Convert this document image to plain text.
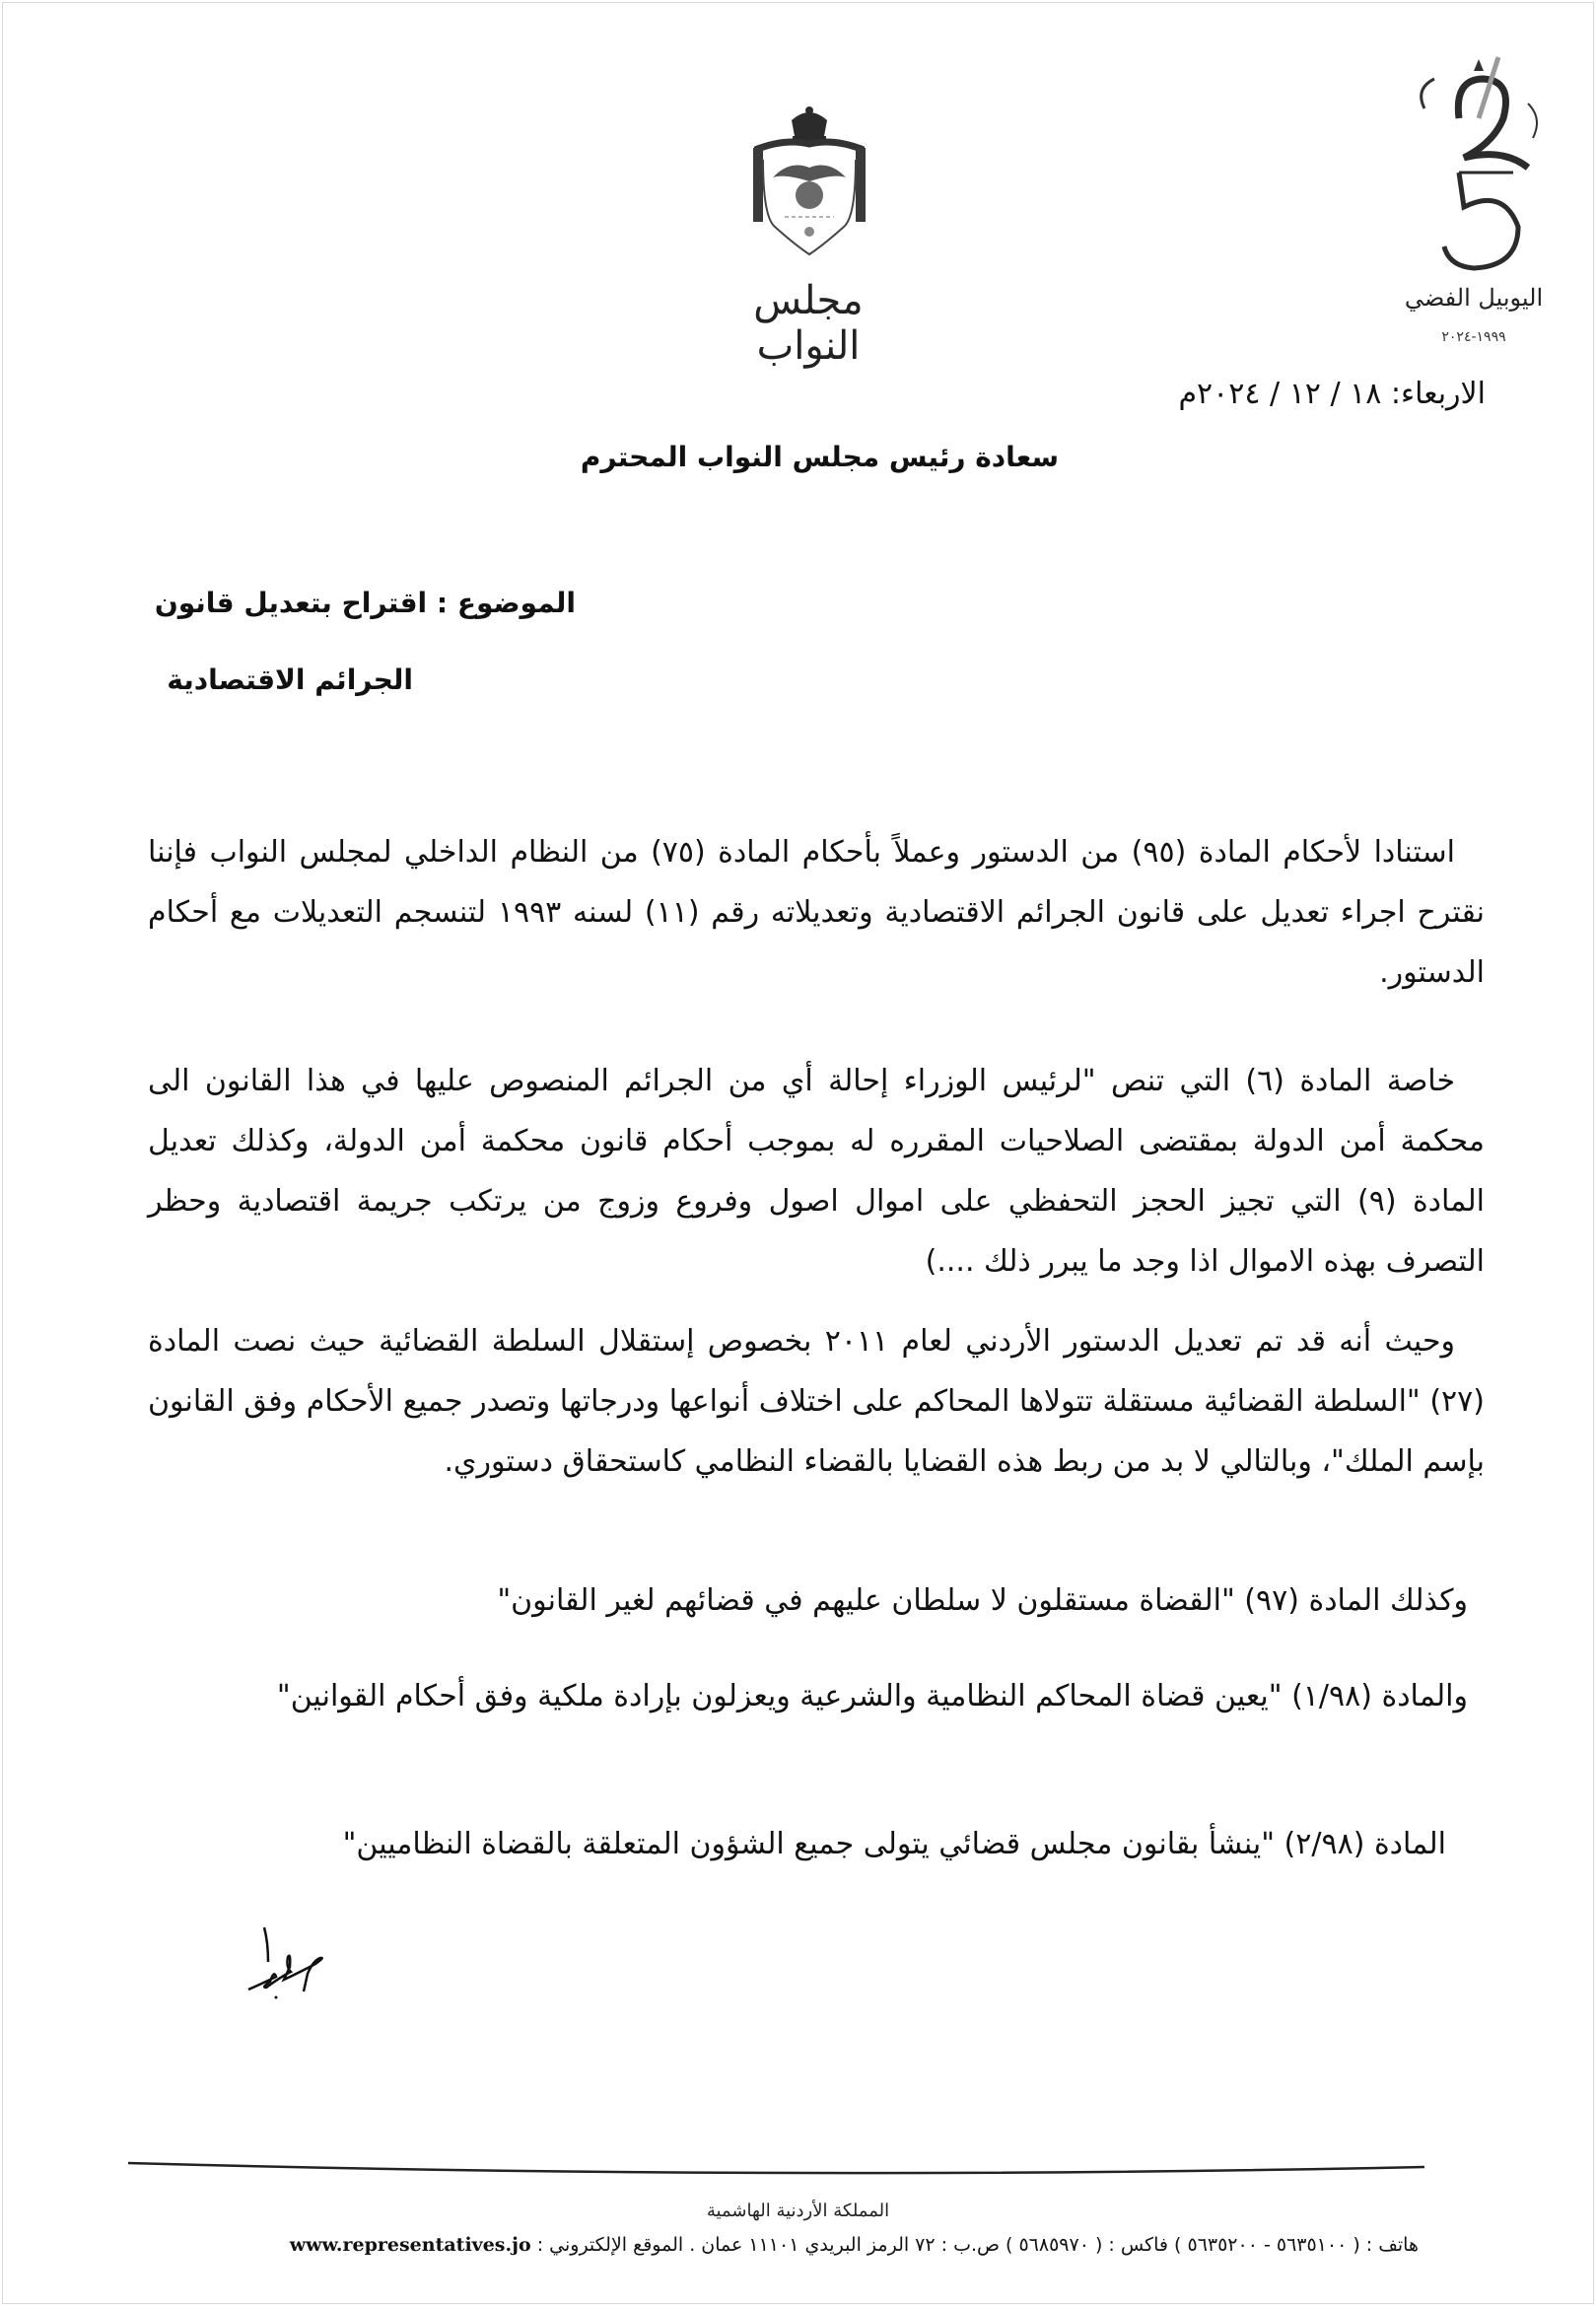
مجلس النواب
اليوبيل الفضي
١٩٩٩-٢٠٢٤
الاربعاء: ١٨ / ١٢ / ٢٠٢٤م
سعادة رئيس مجلس النواب المحترم
الموضوع : اقتراح بتعديل قانون
الجرائم الاقتصادية

استنادا لأحكام المادة (٩٥) من الدستور وعملاً بأحكام المادة (٧٥) من النظام الداخلي لمجلس النواب فإننا نقترح اجراء تعديل على قانون الجرائم الاقتصادية وتعديلاته رقم (١١) لسنه ١٩٩٣ لتنسجم التعديلات مع أحكام الدستور.

خاصة المادة (٦) التي تنص "لرئيس الوزراء إحالة أي من الجرائم المنصوص عليها في هذا القانون الى محكمة أمن الدولة بمقتضى الصلاحيات المقرره له بموجب أحكام قانون محكمة أمن الدولة، وكذلك تعديل المادة (٩) التي تجيز الحجز التحفظي على اموال اصول وفروع وزوج من يرتكب جريمة اقتصادية وحظر التصرف بهذه الاموال اذا وجد ما يبرر ذلك ....)

وحيث أنه قد تم تعديل الدستور الأردني لعام ٢٠١١ بخصوص إستقلال السلطة القضائية حيث نصت المادة (٢٧) "السلطة القضائية مستقلة تتولاها المحاكم على اختلاف أنواعها ودرجاتها وتصدر جميع الأحكام وفق القانون بإسم الملك"، وبالتالي لا بد من ربط هذه القضايا بالقضاء النظامي كاستحقاق دستوري.

وكذلك المادة (٩٧) "القضاة مستقلون لا سلطان عليهم في قضائهم لغير القانون"

والمادة (١/٩٨) "يعين قضاة المحاكم النظامية والشرعية ويعزلون بإرادة ملكية وفق أحكام القوانين"

المادة (٢/٩٨) "ينشأ بقانون مجلس قضائي يتولى جميع الشؤون المتعلقة بالقضاة النظاميين"

المملكة الأردنية الهاشمية
هاتف : ( ٥٦٣٥١٠٠ - ٥٦٣٥٢٠٠ ) فاكس : ( ٥٦٨٥٩٧٠ ) ص.ب : ٧٢ الرمز البريدي ١١١٠١ عمان . الموقع الإلكتروني : www.representatives.jo
